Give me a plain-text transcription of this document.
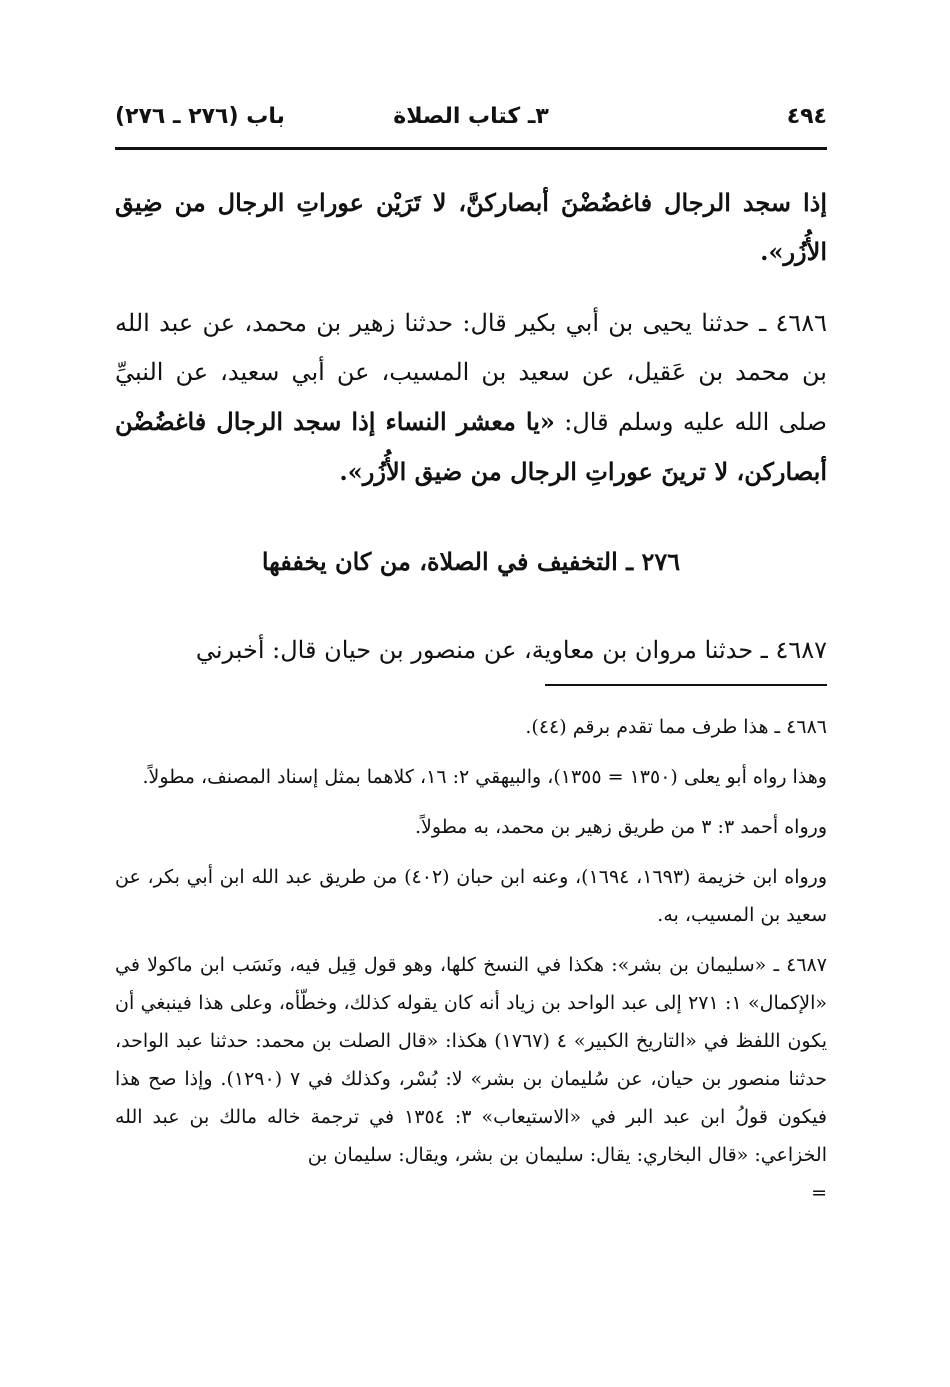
٤٩٤
٣ـ كتاب الصلاة
باب (٢٧٦ ـ ٢٧٦)

إذا سجد الرجال فاغضُضْنَ أبصاركنَّ، لا تَرَيْن عوراتِ الرجال من ضِيق الأُزُر».

٤٦٨٦ ـ حدثنا يحيى بن أبي بكير قال: حدثنا زهير بن محمد، عن عبد الله بن محمد بن عَقيل، عن سعيد بن المسيب، عن أبي سعيد، عن النبيِّ صلى الله عليه وسلم قال: «يا معشر النساء إذا سجد الرجال فاغضُضْن أبصاركن، لا ترينَ عوراتِ الرجال من ضيق الأُزُر».

٢٧٦ ـ التخفيف في الصلاة، من كان يخففها

٤٦٨٧ ـ حدثنا مروان بن معاوية، عن منصور بن حيان قال: أخبرني

٤٦٨٦ ـ هذا طرف مما تقدم برقم (٤٤).

وهذا رواه أبو يعلى (١٣٥٠ = ١٣٥٥)، والبيهقي ٢: ١٦، كلاهما بمثل إسناد المصنف، مطولاً.

ورواه أحمد ٣: ٣ من طريق زهير بن محمد، به مطولاً.

ورواه ابن خزيمة (١٦٩٣، ١٦٩٤)، وعنه ابن حبان (٤٠٢) من طريق عبد الله ابن أبي بكر، عن سعيد بن المسيب، به.

٤٦٨٧ ـ «سليمان بن بشر»: هكذا في النسخ كلها، وهو قول قِيل فيه، ونَسَب ابن ماكولا في «الإكمال» ١: ٢٧١ إلى عبد الواحد بن زياد أنه كان يقوله كذلك، وخطّأه، وعلى هذا فينبغي أن يكون اللفظ في «التاريخ الكبير» ٤ (١٧٦٧) هكذا: «قال الصلت بن محمد: حدثنا عبد الواحد، حدثنا منصور بن حيان، عن سُليمان بن بشر» لا: بُسْر، وكذلك في ٧ (١٢٩٠). وإذا صح هذا فيكون قولُ ابن عبد البر في «الاستيعاب» ٣: ١٣٥٤ في ترجمة خاله مالك بن عبد الله الخزاعي: «قال البخاري: يقال: سليمان بن بشر، ويقال: سليمان بن

=
